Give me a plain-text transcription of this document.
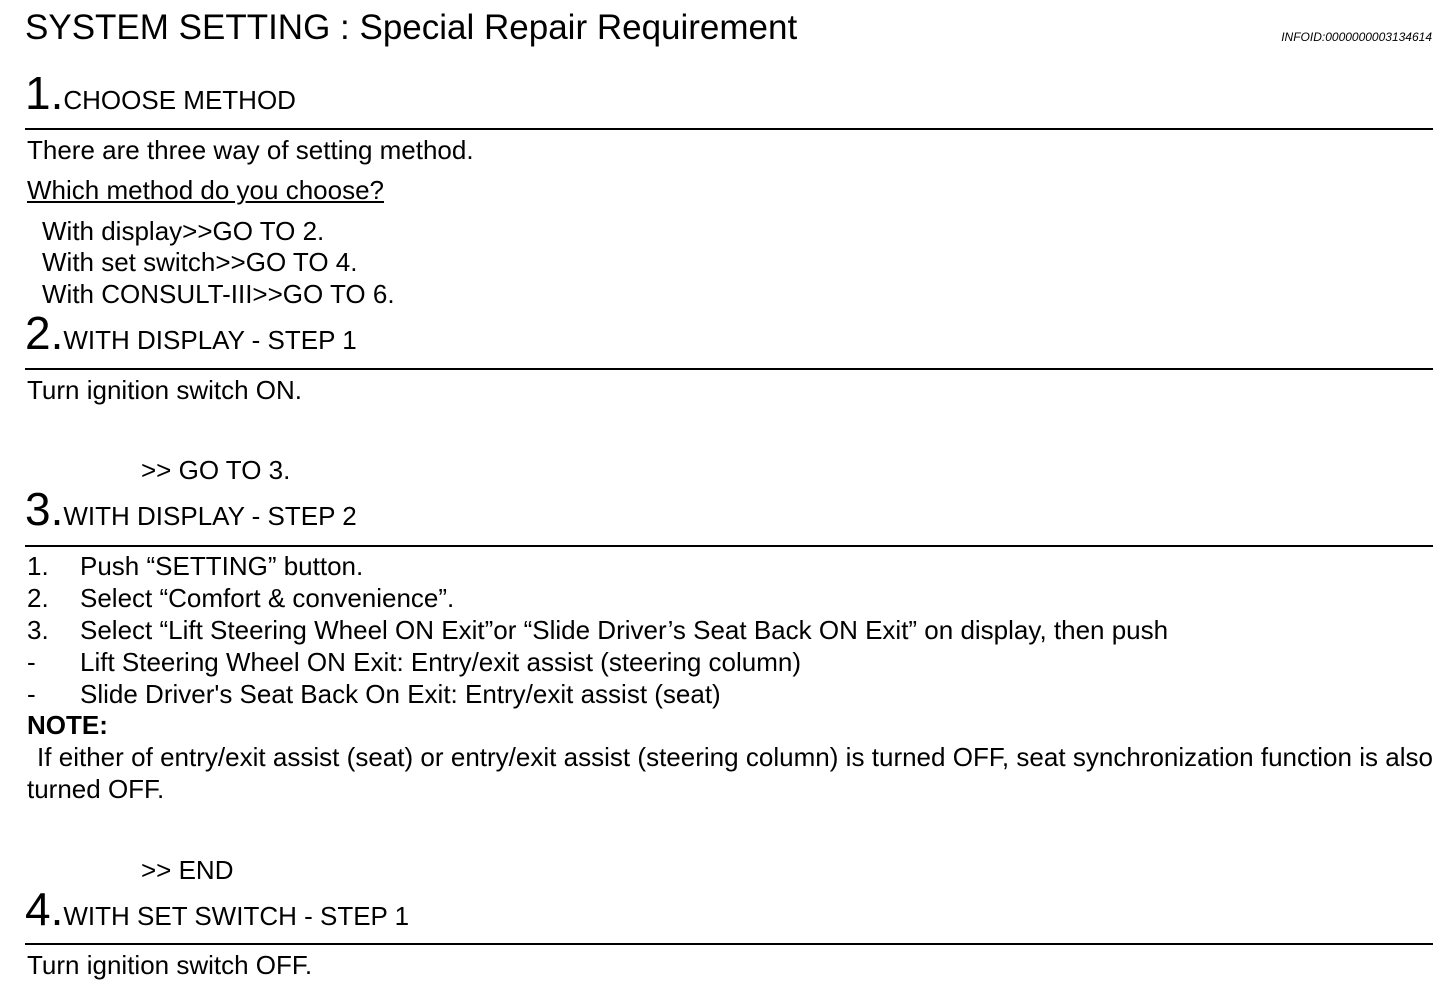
SYSTEM SETTING : Special Repair Requirement	INFOID:0000000003134614
1.CHOOSE METHOD
There are three way of setting method.
Which method do you choose?
With display>>GO TO 2.
With set switch>>GO TO 4.
With CONSULT-III>>GO TO 6.
2.WITH DISPLAY - STEP 1
Turn ignition switch ON.
>> GO TO 3.
3.WITH DISPLAY - STEP 2
1. Push “SETTING” button.
2. Select “Comfort & convenience”.
3. Select “Lift Steering Wheel ON Exit”or “Slide Driver’s Seat Back ON Exit” on display, then push
- Lift Steering Wheel ON Exit: Entry/exit assist (steering column)
- Slide Driver's Seat Back On Exit: Entry/exit assist (seat)
NOTE:
If either of entry/exit assist (seat) or entry/exit assist (steering column) is turned OFF, seat synchronization function is also turned OFF.
>> END
4.WITH SET SWITCH - STEP 1
Turn ignition switch OFF.
